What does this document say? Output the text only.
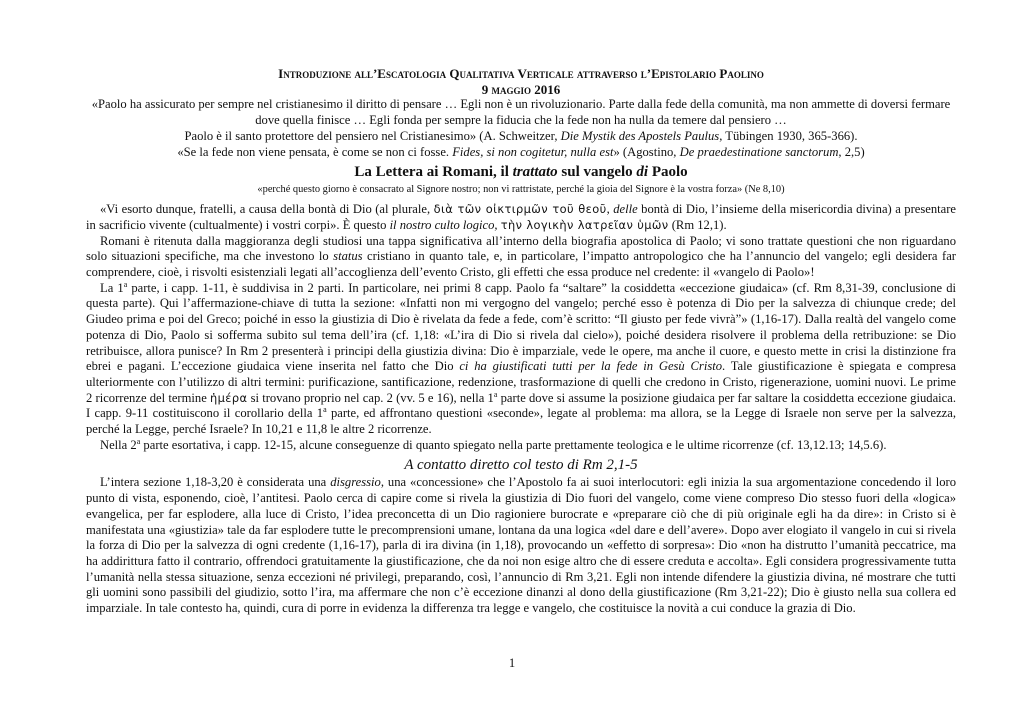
Introduzione all’Escatologia Qualitativa Verticale attraverso l’Epistolario Paolino
9 maggio 2016
«Paolo ha assicurato per sempre nel cristianesimo il diritto di pensare … Egli non è un rivoluzionario. Parte dalla fede della comunità, ma non ammette di doversi fermare dove quella finisce … Egli fonda per sempre la fiducia che la fede non ha nulla da temere dal pensiero …
Paolo è il santo protettore del pensiero nel Cristianesimo» (A. Schweitzer, Die Mystik des Apostels Paulus, Tübingen 1930, 365-366).
«Se la fede non viene pensata, è come se non ci fosse. Fides, si non cogitetur, nulla est» (Agostino, De praedestinatione sanctorum, 2,5)
La Lettera ai Romani, il trattato sul vangelo di Paolo
«perché questo giorno è consacrato al Signore nostro; non vi rattristate, perché la gioia del Signore è la vostra forza» (Ne 8,10)

«Vi esorto dunque, fratelli, a causa della bontà di Dio (al plurale, διὰ τῶν οἰκτιρμῶν τοῦ θεοῦ, delle bontà di Dio, l’insieme della misericordia divina) a presentare in sacrificio vivente (cultualmente) i vostri corpi». È questo il nostro culto logico, τὴν λογικὴν λατρεῖαν ὑμῶν (Rm 12,1).

Romani è ritenuta dalla maggioranza degli studiosi una tappa significativa all’interno della biografia apostolica di Paolo; vi sono trattate questioni che non riguardano solo situazioni specifiche, ma che investono lo status cristiano in quanto tale, e, in particolare, l’impatto antropologico che ha l’annuncio del vangelo; egli desidera far comprendere, cioè, i risvolti esistenziali legati all’accoglienza dell’evento Cristo, gli effetti che essa produce nel credente: il «vangelo di Paolo»!

La 1$^a$ parte, i capp. 1-11, è suddivisa in 2 parti. In particolare, nei primi 8 capp. Paolo fa “saltare” la cosiddetta «eccezione giudaica» (cf. Rm 8,31-39, conclusione di questa parte). Qui l’affermazione-chiave di tutta la sezione: «Infatti non mi vergogno del vangelo; perché esso è potenza di Dio per la salvezza di chiunque crede; del Giudeo prima e poi del Greco; poiché in esso la giustizia di Dio è rivelata da fede a fede, com’è scritto: “Il giusto per fede vivrà”» (1,16-17). Dalla realtà del vangelo come potenza di Dio, Paolo si sofferma subito sul tema dell’ira (cf. 1,18: «L’ira di Dio si rivela dal cielo»), poiché desidera risolvere il problema della retribuzione: se Dio retribuisce, allora punisce? In Rm 2 presenterà i principi della giustizia divina: Dio è imparziale, vede le opere, ma anche il cuore, e questo mette in crisi la distinzione fra ebrei e pagani. L’eccezione giudaica viene inserita nel fatto che Dio ci ha giustificati tutti per la fede in Gesù Cristo. Tale giustificazione è spiegata e compresa ulteriormente con l’utilizzo di altri termini: purificazione, santificazione, redenzione, trasformazione di quelli che credono in Cristo, rigenerazione, uomini nuovi. Le prime 2 ricorrenze del termine ἡμέρα si trovano proprio nel cap. 2 (vv. 5 e 16), nella 1$^a$ parte dove si assume la posizione giudaica per far saltare la cosiddetta eccezione giudaica. I capp. 9-11 costituiscono il corollario della 1$^a$ parte, ed affrontano questioni «seconde», legate al problema: ma allora, se la Legge di Israele non serve per la salvezza, perché la Legge, perché Israele? In 10,21 e 11,8 le altre 2 ricorrenze.

Nella 2$^a$ parte esortativa, i capp. 12-15, alcune conseguenze di quanto spiegato nella parte prettamente teologica e le ultime ricorrenze (cf. 13,12.13; 14,5.6).

A contatto diretto col testo di Rm 2,1-5

L’intera sezione 1,18-3,20 è considerata una disgressio, una «concessione» che l’Apostolo fa ai suoi interlocutori: egli inizia la sua argomentazione concedendo il loro punto di vista, esponendo, cioè, l’antitesi. Paolo cerca di capire come si rivela la giustizia di Dio fuori del vangelo, come viene compreso Dio stesso fuori della «logica» evangelica, per far esplodere, alla luce di Cristo, l’idea preconcetta di un Dio ragioniere burocrate e «preparare ciò che di più originale egli ha da dire»: in Cristo si è manifestata una «giustizia» tale da far esplodere tutte le precomprensioni umane, lontana da una logica «del dare e dell’avere». Dopo aver elogiato il vangelo in cui si rivela la forza di Dio per la salvezza di ogni credente (1,16-17), parla di ira divina (in 1,18), provocando un «effetto di sorpresa»: Dio «non ha distrutto l’umanità peccatrice, ma ha addirittura fatto il contrario, offrendoci gratuitamente la giustificazione, che da noi non esige altro che di essere creduta e accolta». Egli considera progressivamente tutta l’umanità nella stessa situazione, senza eccezioni né privilegi, preparando, così, l’annuncio di Rm 3,21. Egli non intende difendere la giustizia divina, né mostrare che tutti gli uomini sono passibili del giudizio, sotto l’ira, ma affermare che non c’è eccezione dinanzi al dono della giustificazione (Rm 3,21-22); Dio è giusto nella sua collera ed imparziale. In tale contesto ha, quindi, cura di porre in evidenza la differenza tra legge e vangelo, che costituisce la novità a cui conduce la grazia di Dio.

1
